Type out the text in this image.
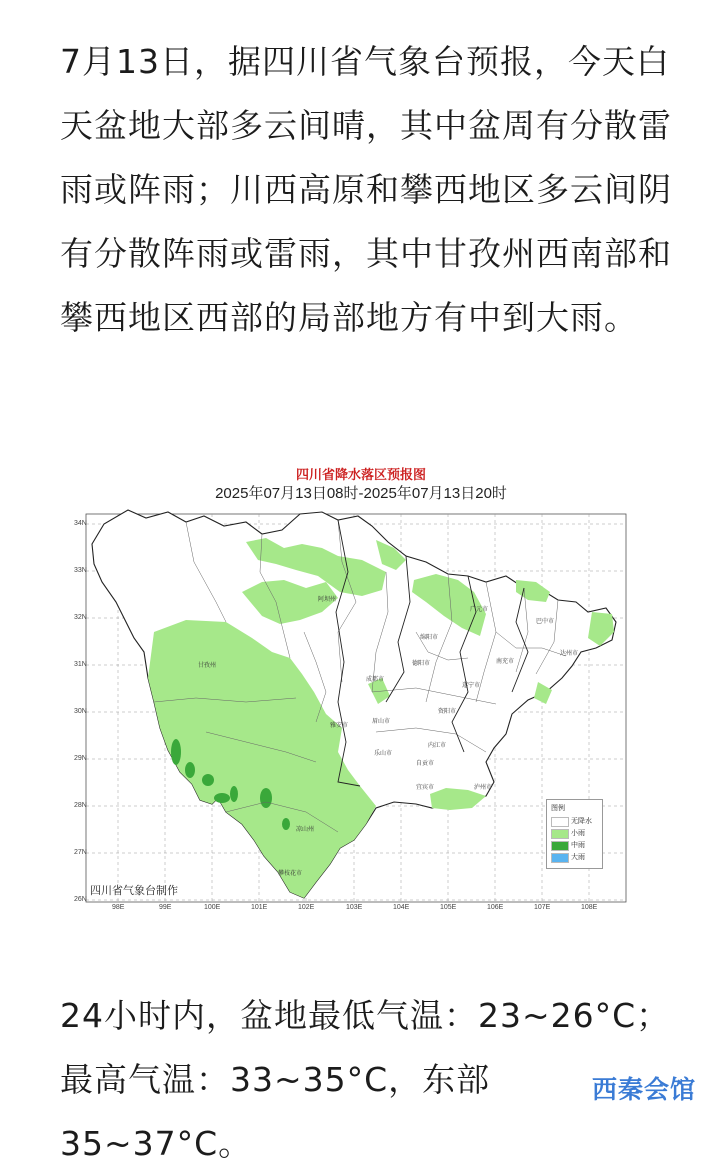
7月13日，据四川省气象台预报，今天白天盆地大部多云间晴，其中盆周有分散雷雨或阵雨；川西高原和攀西地区多云间阴有分散阵雨或雷雨，其中甘孜州西南部和攀西地区西部的局部地方有中到大雨。

四川省降水落区预报图
2025年07月13日08时-2025年07月13日20时
34N
33N
32N
31N
30N
29N
28N
27N
26N
98E	99E	100E	101E	102E	103E	104E	105E	106E	107E	108E
阿坝州
广元市
巴中市
绵阳市
达州市
南充市
甘孜州	德阳市
成都市
遂宁市
资阳市
雅安市
眉山市
乐山市
内江市
自贡市
宜宾市	泸州市
凉山州
攀枝花市
四川省气象台制作
图例
无降水
小雨
中雨
大雨

24小时内，盆地最低气温：23~26°C；最高气温：33~35°C，东部35~37°C。

西秦会馆
